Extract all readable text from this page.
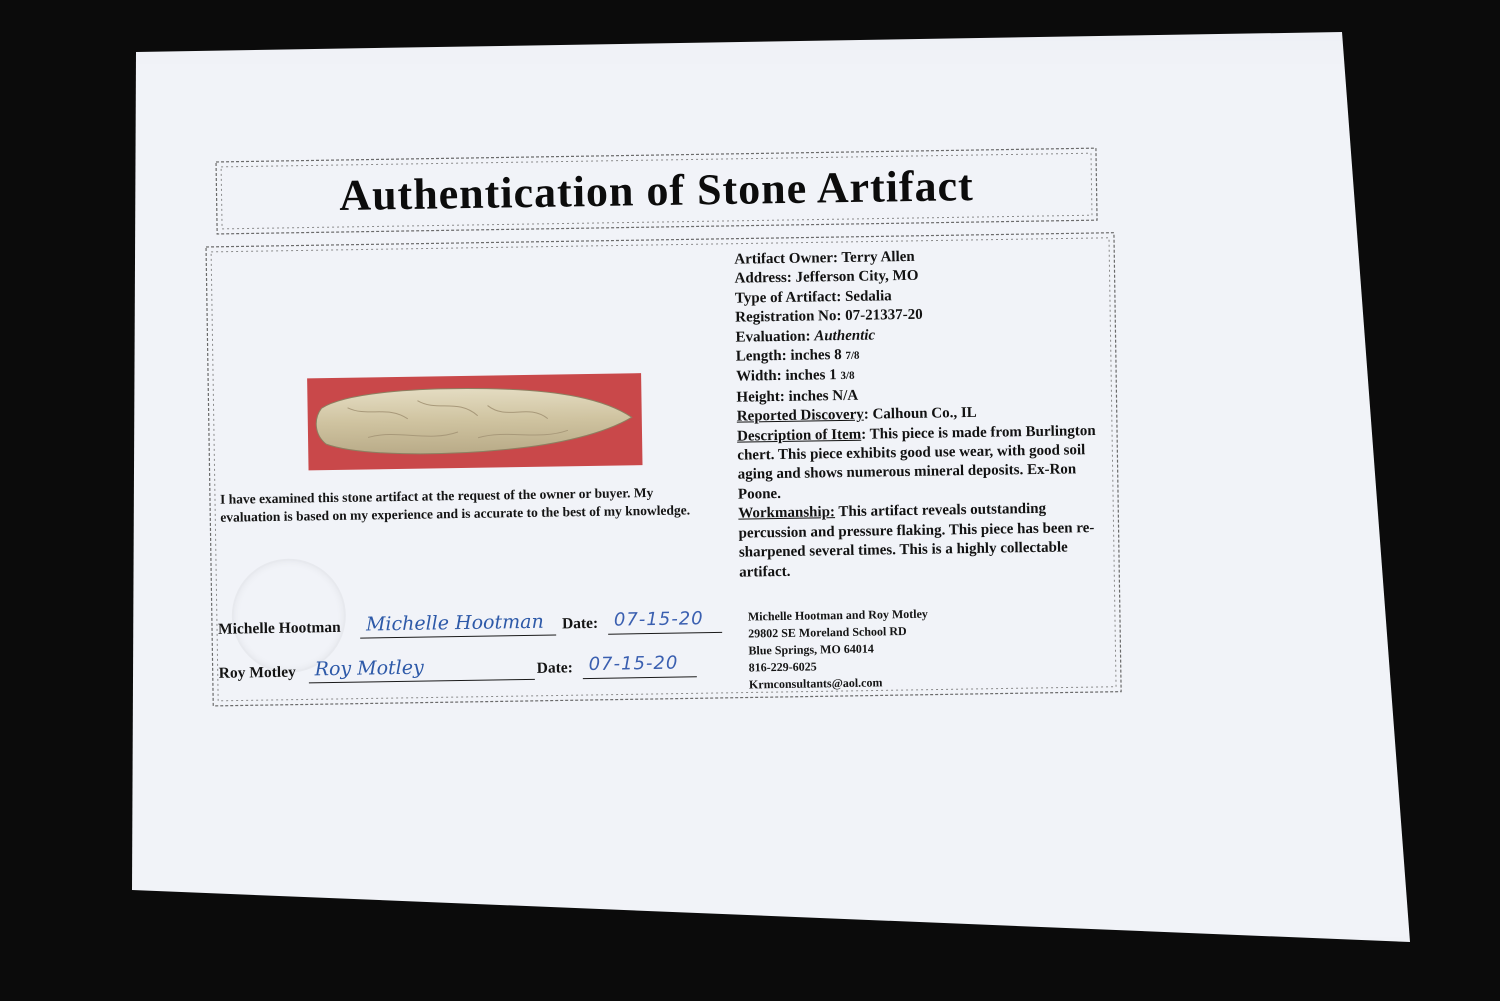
Authentication of Stone Artifact
I have examined this stone artifact at the request of the owner or buyer. My evaluation is based on my experience and is accurate to the best of my knowledge.
Michelle Hootman	Michelle Hootman	Date: 07-15-20
Roy Motley Roy Motley	Date: 07-15-20
Artifact Owner: Terry Allen
Address: Jefferson City, MO
Type of Artifact: Sedalia
Registration No: 07-21337-20
Evaluation: Authentic
Length: inches 8 7/8
Width: inches 1 3/8
Height: inches N/A
Reported Discovery: Calhoun Co., IL
Description of Item: This piece is made from Burlington chert. This piece exhibits good use wear, with good soil aging and shows numerous mineral deposits. Ex-Ron Poone.
Workmanship: This artifact reveals outstanding percussion and pressure flaking. This piece has been re-sharpened several times. This is a highly collectable artifact.
Michelle Hootman and Roy Motley
29802 SE Moreland School RD
Blue Springs, MO 64014
816-229-6025
Krmconsultants@aol.com
